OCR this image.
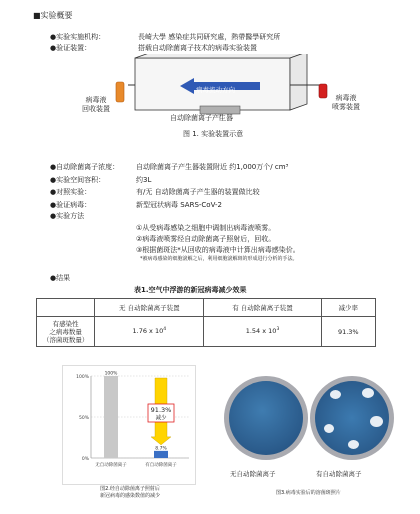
■实验概要
●实验实施机构：	長崎大學 感染症共同研究處，熱帶醫學研究所
●验证装置：	搭载自动除菌离子技术的病毒实验装置
病毒流动方向
病毒液
回收装置
病毒液
喷雾装置
自动除菌离子产生器
图 1. 实验装置示意
●自动除菌离子浓度： 自动除菌离子产生器装置附近 约1,000万个/ cm³
●实验空间容积：	约3L
●对照实验：	有/无 自动除菌离子产生器的装置做比较
●验证病毒：	新型冠状病毒 SARS-CoV-2
●实验方法
①从受病毒感染之细胞中调制出病毒液喷雾。
②病毒液喷雾经自动除菌离子照射后，回收。
③根据菌斑法*从回收的病毒液中计算出病毒感染价。
*被病毒感染的细胞滚解之后，利用细胞滚解斑的形成进行分析的手法。
●结果
表1.空气中浮游的新冠病毒减少效果
	无 自动除菌离子装置	有 自动除菌离子装置	减少率

有感染性
之病毒数量
（溶菌斑数量）	1.76 x $10^4$	1.54 x $10^3$	91.3%
100%
50%
0%
100%
无自动除菌离子
8.7%
有自动除菌离子
91.3%
减少
图2.经自动除菌离子照射后
新冠病毒的感染数值的减少
无自动除菌离子	有自动除菌离子
图3.病毒实验后的溶菌斑照片
